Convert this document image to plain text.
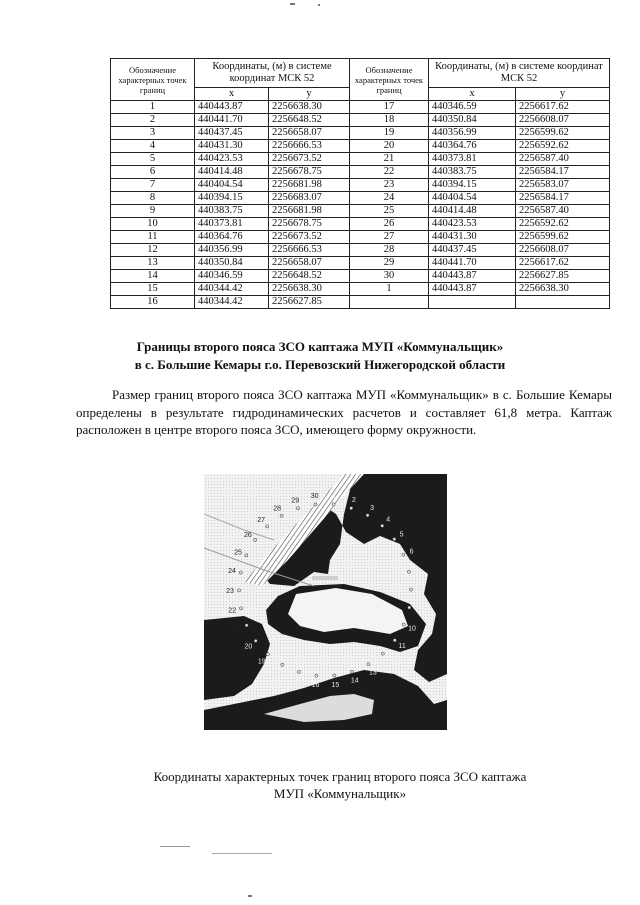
Обозначение характерных точек границ	Координаты, (м) в системе координат МСК 52		Обозначение характерных точек границ	Координаты, (м) в системе координат МСК 52	
	x	y		x	y
1	440443.87	2256638.30	17	440346.59	2256617.62
2	440441.70	2256648.52	18	440350.84	2256608.07
3	440437.45	2256658.07	19	440356.99	2256599.62
4	440431.30	2256666.53	20	440364.76	2256592.62
5	440423.53	2256673.52	21	440373.81	2256587.40
6	440414.48	2256678.75	22	440383.75	2256584.17
7	440404.54	2256681.98	23	440394.15	2256583.07
8	440394.15	2256683.07	24	440404.54	2256584.17
9	440383.75	2256681.98	25	440414.48	2256587.40
10	440373.81	2256678.75	26	440423.53	2256592.62
11	440364.76	2256673.52	27	440431.30	2256599.62
12	440356.99	2256666.53	28	440437.45	2256608.07
13	440350.84	2256658.07	29	440441.70	2256617.62
14	440346.59	2256648.52	30	440443.87	2256627.85
15	440344.42	2256638.30	1	440443.87	2256638.30
16	440344.42	2256627.85			
Границы второго пояса ЗСО каптажа МУП «Коммунальщик»
в с. Большие Кемары г.о. Перевозский Нижегородской области

Размер границ второго пояса ЗСО каптажа МУП «Коммунальщик» в с. Большие Кемары определены в результате гидродинамических расчетов и составляет 61,8 метра. Каптаж расположен в центре второго пояса ЗСО, имеющего форму окружности.

1
2
3
4
5
6
7
8
9
10
11
12
13
14
15
16
17
18
19
20
21
22
23
24
25
26
27
28
29
30
Координаты характерных точек границ второго пояса ЗСО каптажа
МУП «Коммунальщик»
